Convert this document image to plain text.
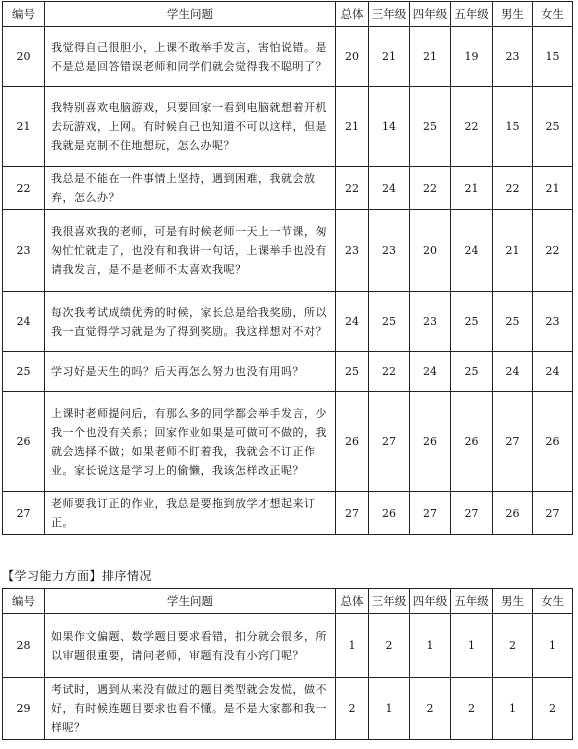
编号	学生问题	总体	三年级	四年级	五年级	男生	女生
20	我觉得自己很胆小，上课不敢举手发言，害怕说错。是不是总是回答错误老师和同学们就会觉得我不聪明了？	20	21	21	19	23	15
21	我特别喜欢电脑游戏，只要回家一看到电脑就想着开机去玩游戏，上网。有时候自己也知道不可以这样，但是我就是克制不住地想玩，怎么办呢？	21	14	25	22	15	25
22	我总是不能在一件事情上坚持，遇到困难，我就会放弃，怎么办？	22	24	22	21	22	21
23	我很喜欢我的老师，可是有时候老师一天上一节课，匆匆忙忙就走了，也没有和我讲一句话，上课举手也没有请我发言，是不是老师不太喜欢我呢？	23	23	20	24	21	22
24	每次我考试成绩优秀的时候，家长总是给我奖励，所以我一直觉得学习就是为了得到奖励。我这样想对不对？	24	25	23	25	25	23
25	学习好是天生的吗？后天再怎么努力也没有用吗？	25	22	24	25	24	24
26	上课时老师提问后，有那么多的同学都会举手发言，少我一个也没有关系；回家作业如果是可做可不做的，我就会选择不做；如果老师不盯着我，我就会不订正作业。家长说这是学习上的偷懒，我该怎样改正呢？	26	27	26	26	27	26
27	老师要我订正的作业，我总是要拖到放学才想起来订正。	27	26	27	27	26	27
【学习能力方面】排序情况
编号	学生问题	总体	三年级	四年级	五年级	男生	女生
28	如果作文偏题、数学题目要求看错，扣分就会很多，所以审题很重要，请问老师，审题有没有小窍门呢？	1	2	1	1	2	1
29	考试时，遇到从来没有做过的题目类型就会发慌，做不好，有时候连题目要求也看不懂。是不是大家都和我一样呢？	2	1	2	2	1	2
